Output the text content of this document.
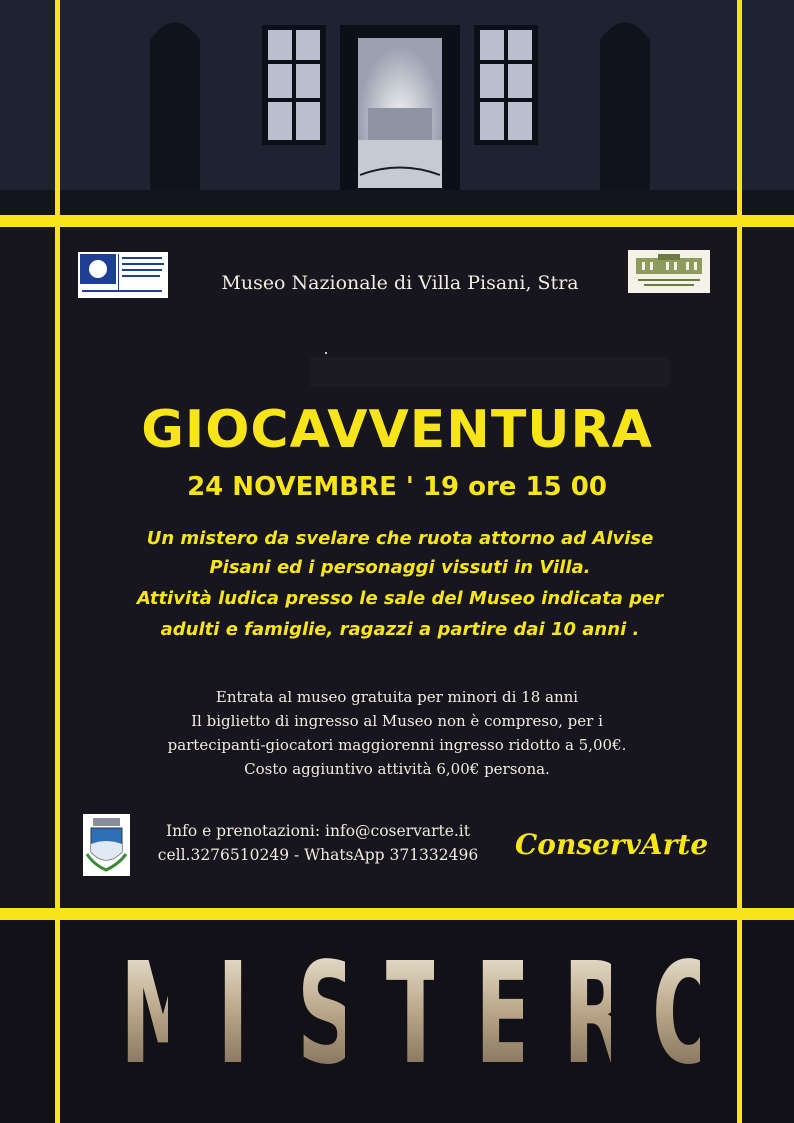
Museo Nazionale di Villa Pisani, Stra
GIOCAVVENTURA
24 NOVEMBRE ' 19 ore 15 00
Un mistero da svelare che ruota attorno ad Alvise
Pisani ed i personaggi vissuti in Villa.
Attività ludica presso le sale del Museo indicata per
adulti e famiglie, ragazzi a partire dai 10 anni .
Entrata al museo gratuita per minori di 18 anni
Il biglietto di ingresso al Museo non è compreso, per i
partecipanti-giocatori maggiorenni ingresso ridotto a 5,00€.
Costo aggiuntivo attività 6,00€ persona.
Info e prenotazioni: info@coservarte.it
cell.3276510249 - WhatsApp 371332496	ConservArte
M I S T E R O
